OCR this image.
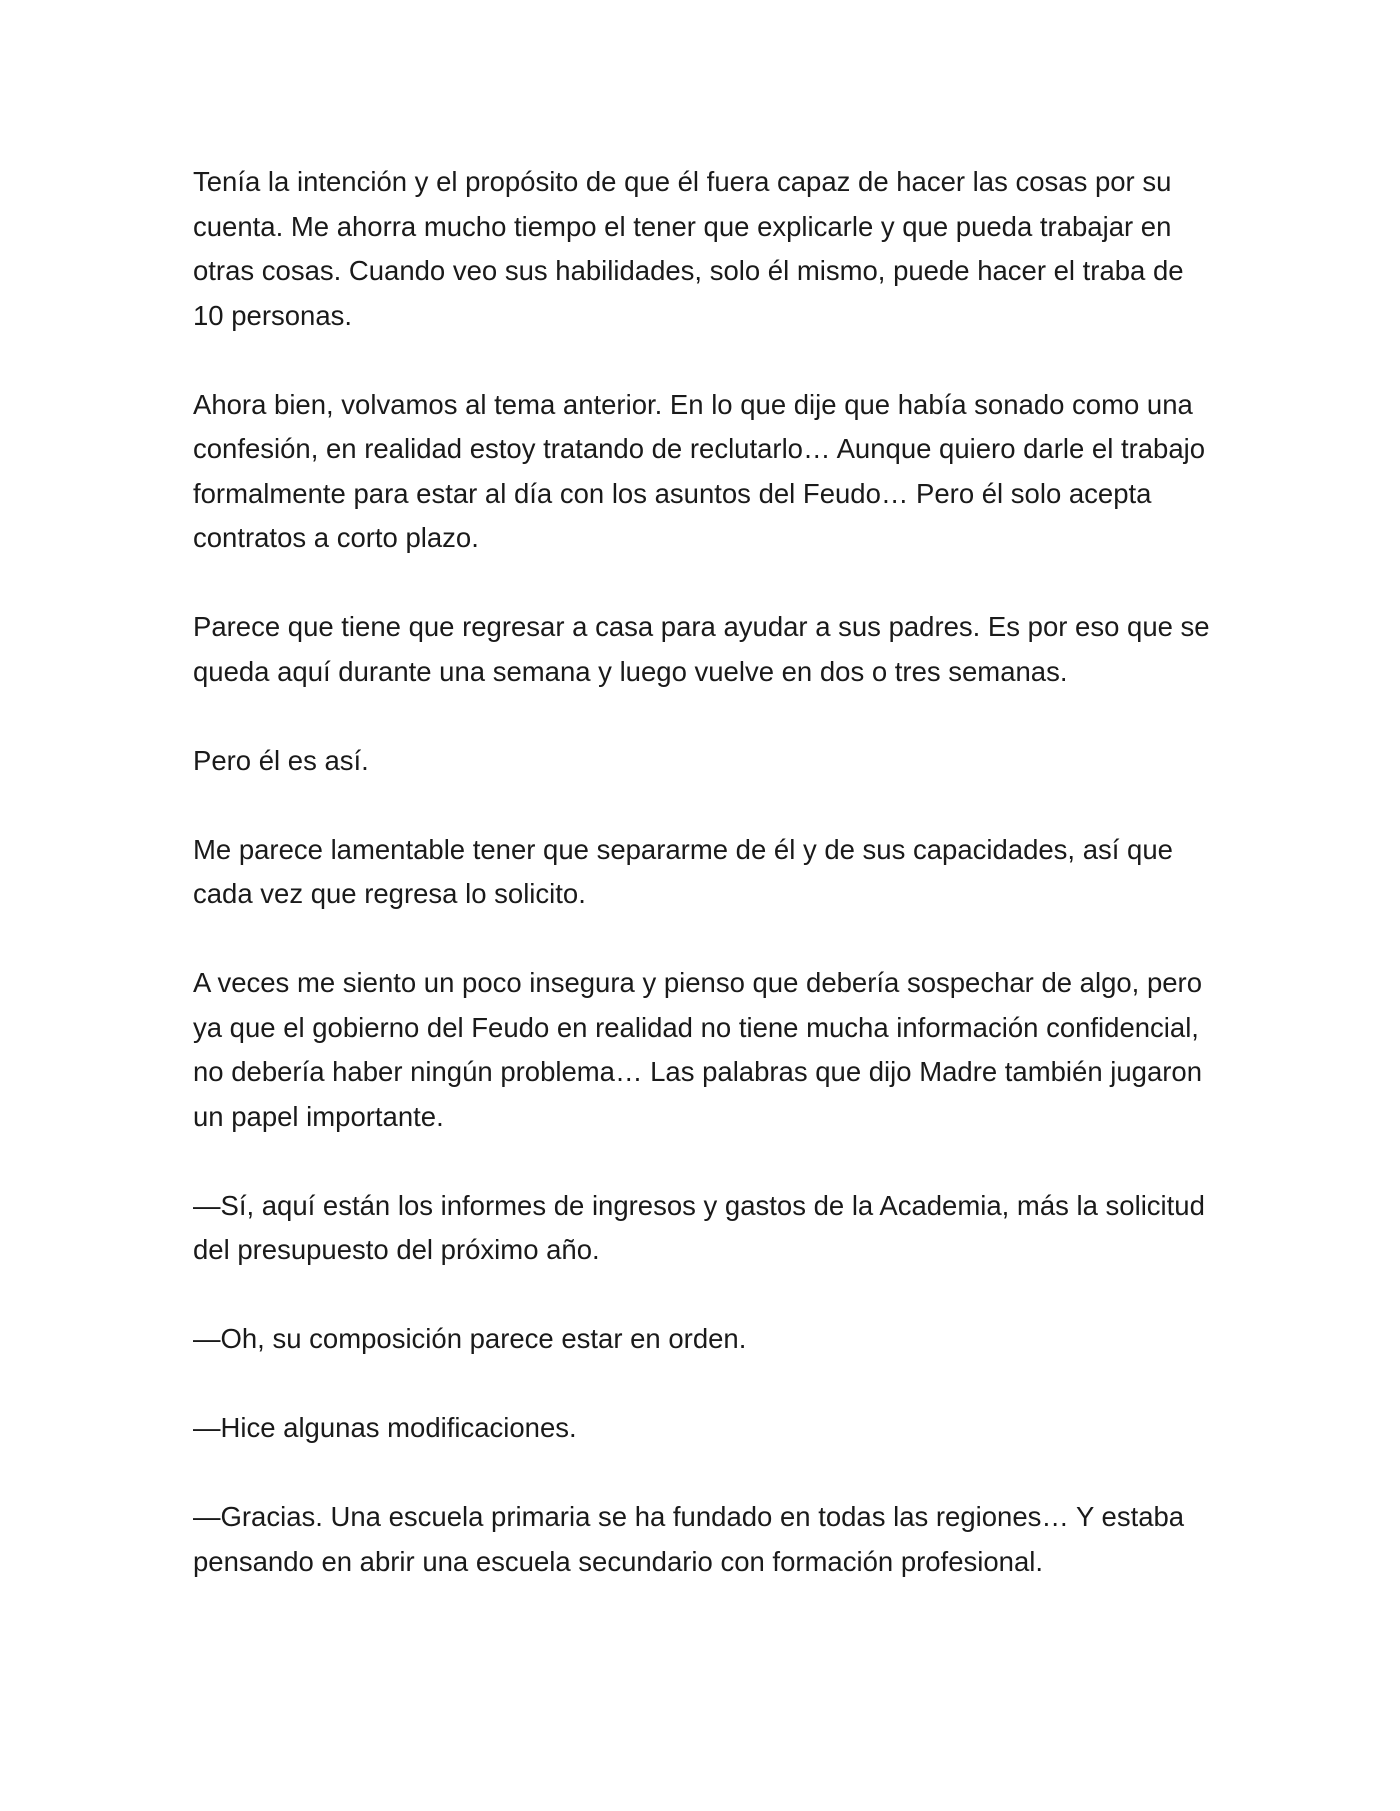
Tenía la intención y el propósito de que él fuera capaz de hacer las cosas por su cuenta. Me ahorra mucho tiempo el tener que explicarle y que pueda trabajar en otras cosas. Cuando veo sus habilidades, solo él mismo, puede hacer el traba de 10 personas.

Ahora bien, volvamos al tema anterior. En lo que dije que había sonado como una confesión, en realidad estoy tratando de reclutarlo… Aunque quiero darle el trabajo formalmente para estar al día con los asuntos del Feudo… Pero él solo acepta contratos a corto plazo.

Parece que tiene que regresar a casa para ayudar a sus padres. Es por eso que se queda aquí durante una semana y luego vuelve en dos o tres semanas.

Pero él es así.

Me parece lamentable tener que separarme de él y de sus capacidades, así que cada vez que regresa lo solicito.

A veces me siento un poco insegura y pienso que debería sospechar de algo, pero ya que el gobierno del Feudo en realidad no tiene mucha información confidencial, no debería haber ningún problema… Las palabras que dijo Madre también jugaron un papel importante.

—Sí, aquí están los informes de ingresos y gastos de la Academia, más la solicitud del presupuesto del próximo año.

—Oh, su composición parece estar en orden.

—Hice algunas modificaciones.

—Gracias. Una escuela primaria se ha fundado en todas las regiones… Y estaba pensando en abrir una escuela secundario con formación profesional.
